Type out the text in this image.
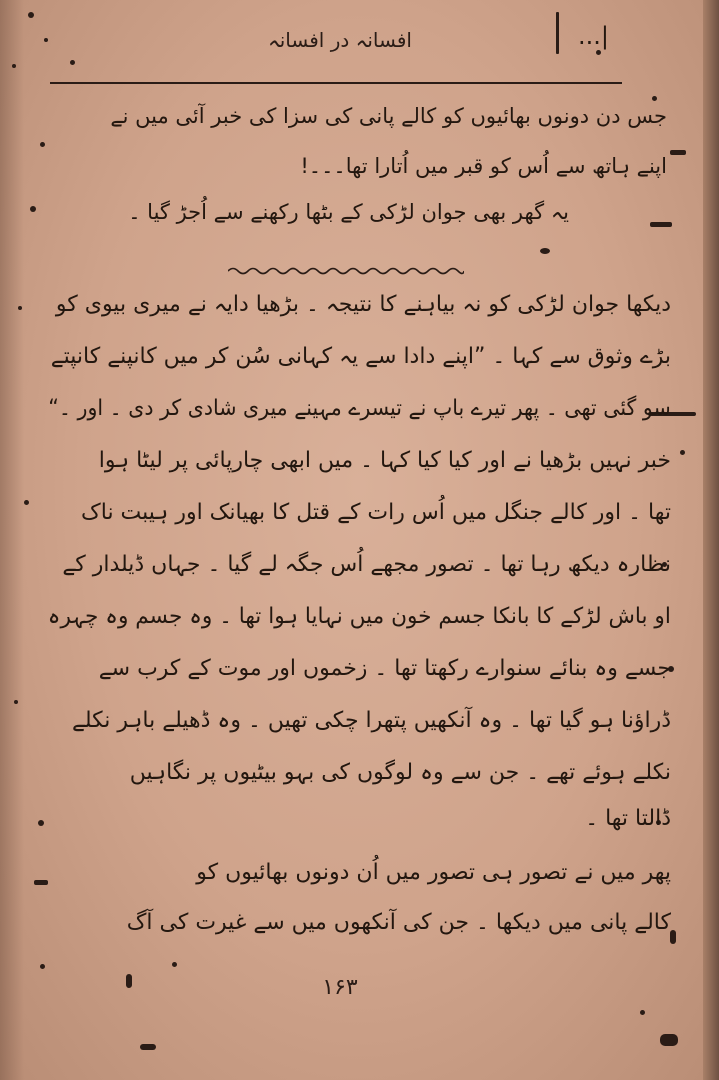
افسانہ در افسانہ	|...
جس دن دونوں بھائیوں کو کالے پانی کی سزا کی خبر آئی میں نے
اپنے ہاتھ سے اُس کو قبر میں اُتارا تھا۔۔۔!
یہ گھر بھی جوان لڑکی کے بٹھا رکھنے سے اُجڑ گیا ۔
دیکھا جوان لڑکی کو نہ بیاہنے کا نتیجہ ۔ بڑھیا دایہ نے میری بیوی کو
بڑے وثوق سے کہا ۔ ”اپنے دادا سے یہ کہانی سُن کر میں کانپنے کانپتے
سو گئی تھی ۔ پھر تیرے باپ نے تیسرے مہینے میری شادی کر دی ۔ اور ۔“
خبر نہیں بڑھیا نے اور کیا کیا کہا ۔ میں ابھی چارپائی پر لیٹا ہوا
تھا ۔ اور کالے جنگل میں اُس رات کے قتل کا بھیانک اور ہیبت ناک
نظارہ دیکھ رہا تھا ۔ تصور مجھے اُس جگہ لے گیا ۔ جہاں ڈیلدار کے
او باش لڑکے کا بانکا جسم خون میں نہایا ہوا تھا ۔ وہ جسم وہ چہرہ
جسے وہ بنائے سنوارے رکھتا تھا ۔ زخموں اور موت کے کرب سے
ڈراؤنا ہو گیا تھا ۔ وہ آنکھیں پتھرا چکی تھیں ۔ وہ ڈھیلے باہر نکلے
نکلے ہوئے تھے ۔ جن سے وہ لوگوں کی بہو بیٹیوں پر نگاہیں
ڈالتا تھا ۔
پھر میں نے تصور ہی تصور میں اُن دونوں بھائیوں کو
کالے پانی میں دیکھا ۔ جن کی آنکھوں میں سے غیرت کی آگ
۱۶۳
